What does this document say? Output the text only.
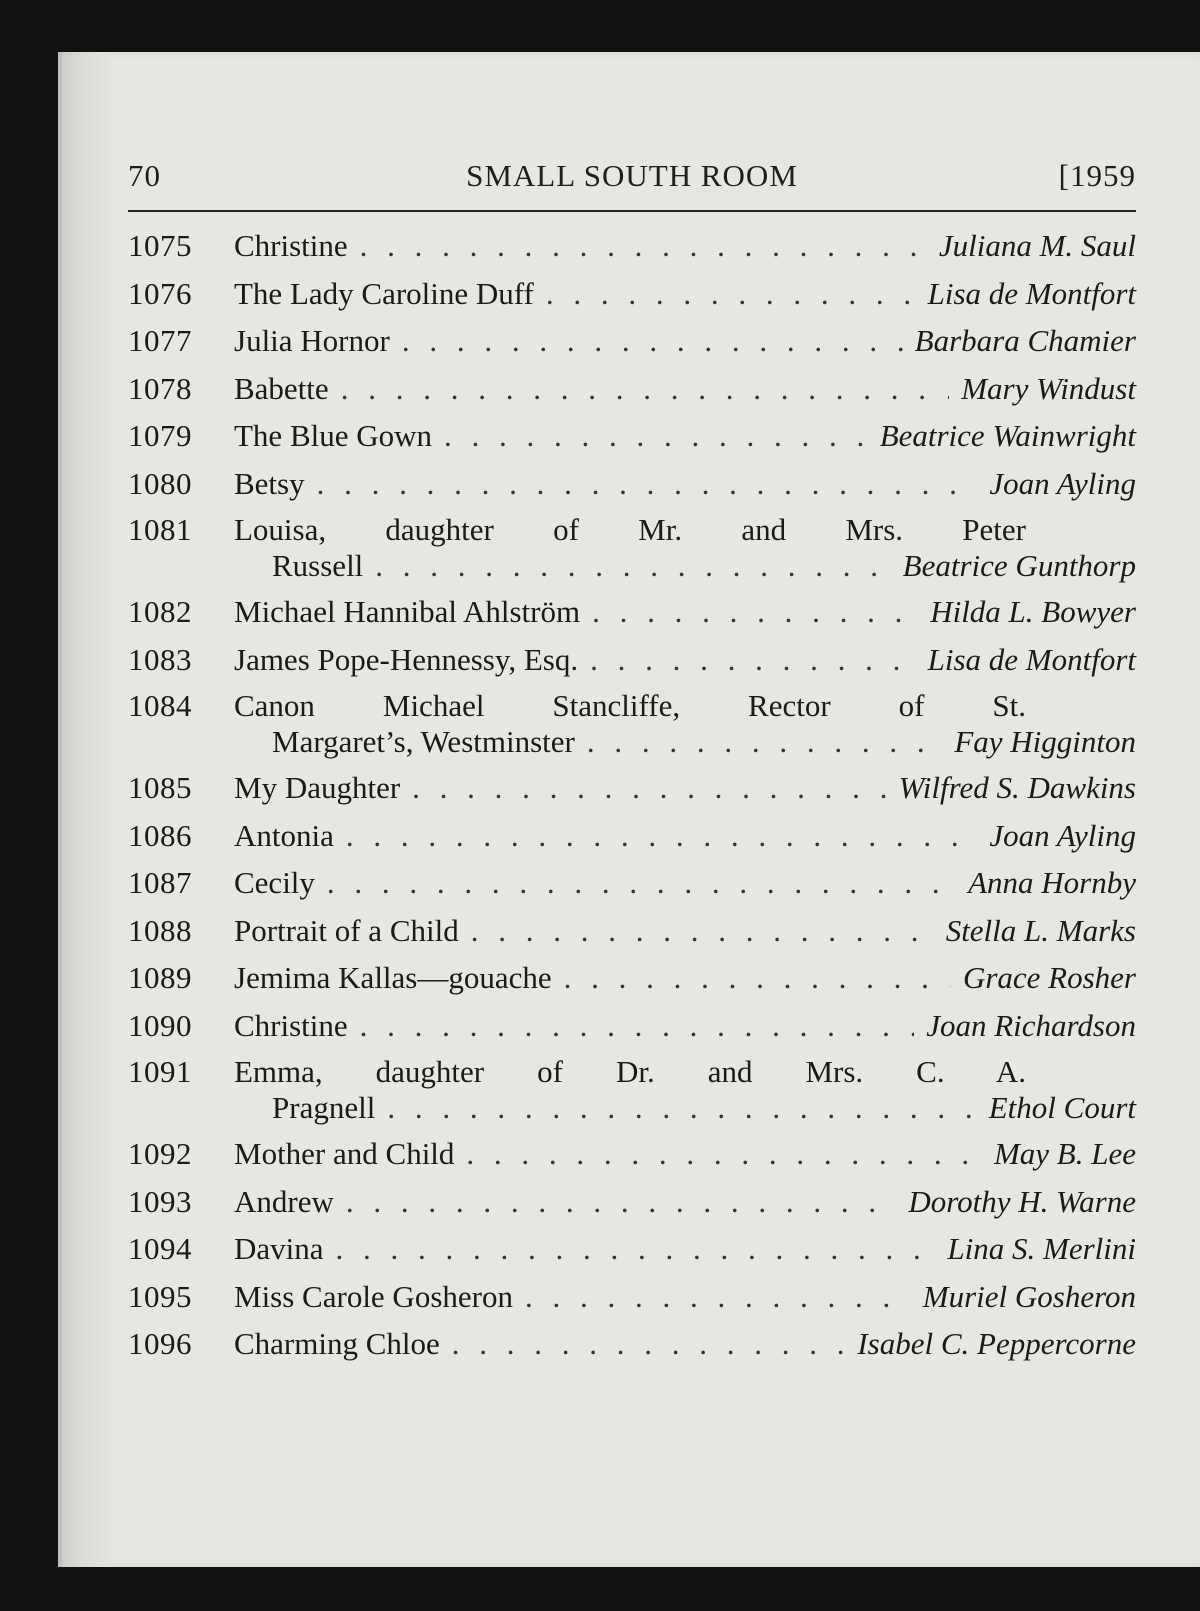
70	SMALL SOUTH ROOM	[1959
1075	Christine . . .	Juliana M. Saul
1076	The Lady Caroline Duff . . .	Lisa de Montfort
1077	Julia Hornor . . .	Barbara Chamier
1078	Babette . . .	Mary Windust
1079	The Blue Gown . . .	Beatrice Wainwright
1080	Betsy . . .	Joan Ayling
1081	Louisa, daughter of Mr. and Mrs. Peter
Russell . . .	Beatrice Gunthorp
1082	Michael Hannibal Ahlström . . .	Hilda L. Bowyer
1083	James Pope-Hennessy, Esq. . . .	Lisa de Montfort
1084	Canon Michael Stancliffe, Rector of St.
Margaret’s, Westminster . . .	Fay Higginton
1085	My Daughter . . .	Wilfred S. Dawkins
1086	Antonia . . .	Joan Ayling
1087	Cecily . . .	Anna Hornby
1088	Portrait of a Child . . .	Stella L. Marks
1089	Jemima Kallas—gouache . . .	Grace Rosher
1090	Christine . . .	Joan Richardson
1091	Emma, daughter of Dr. and Mrs. C. A.
Pragnell . . .	Ethol Court
1092	Mother and Child . . .	May B. Lee
1093	Andrew . . .	Dorothy H. Warne
1094	Davina . . .	Lina S. Merlini
1095	Miss Carole Gosheron . . .	Muriel Gosheron
1096	Charming Chloe . . .	Isabel C. Peppercorne
